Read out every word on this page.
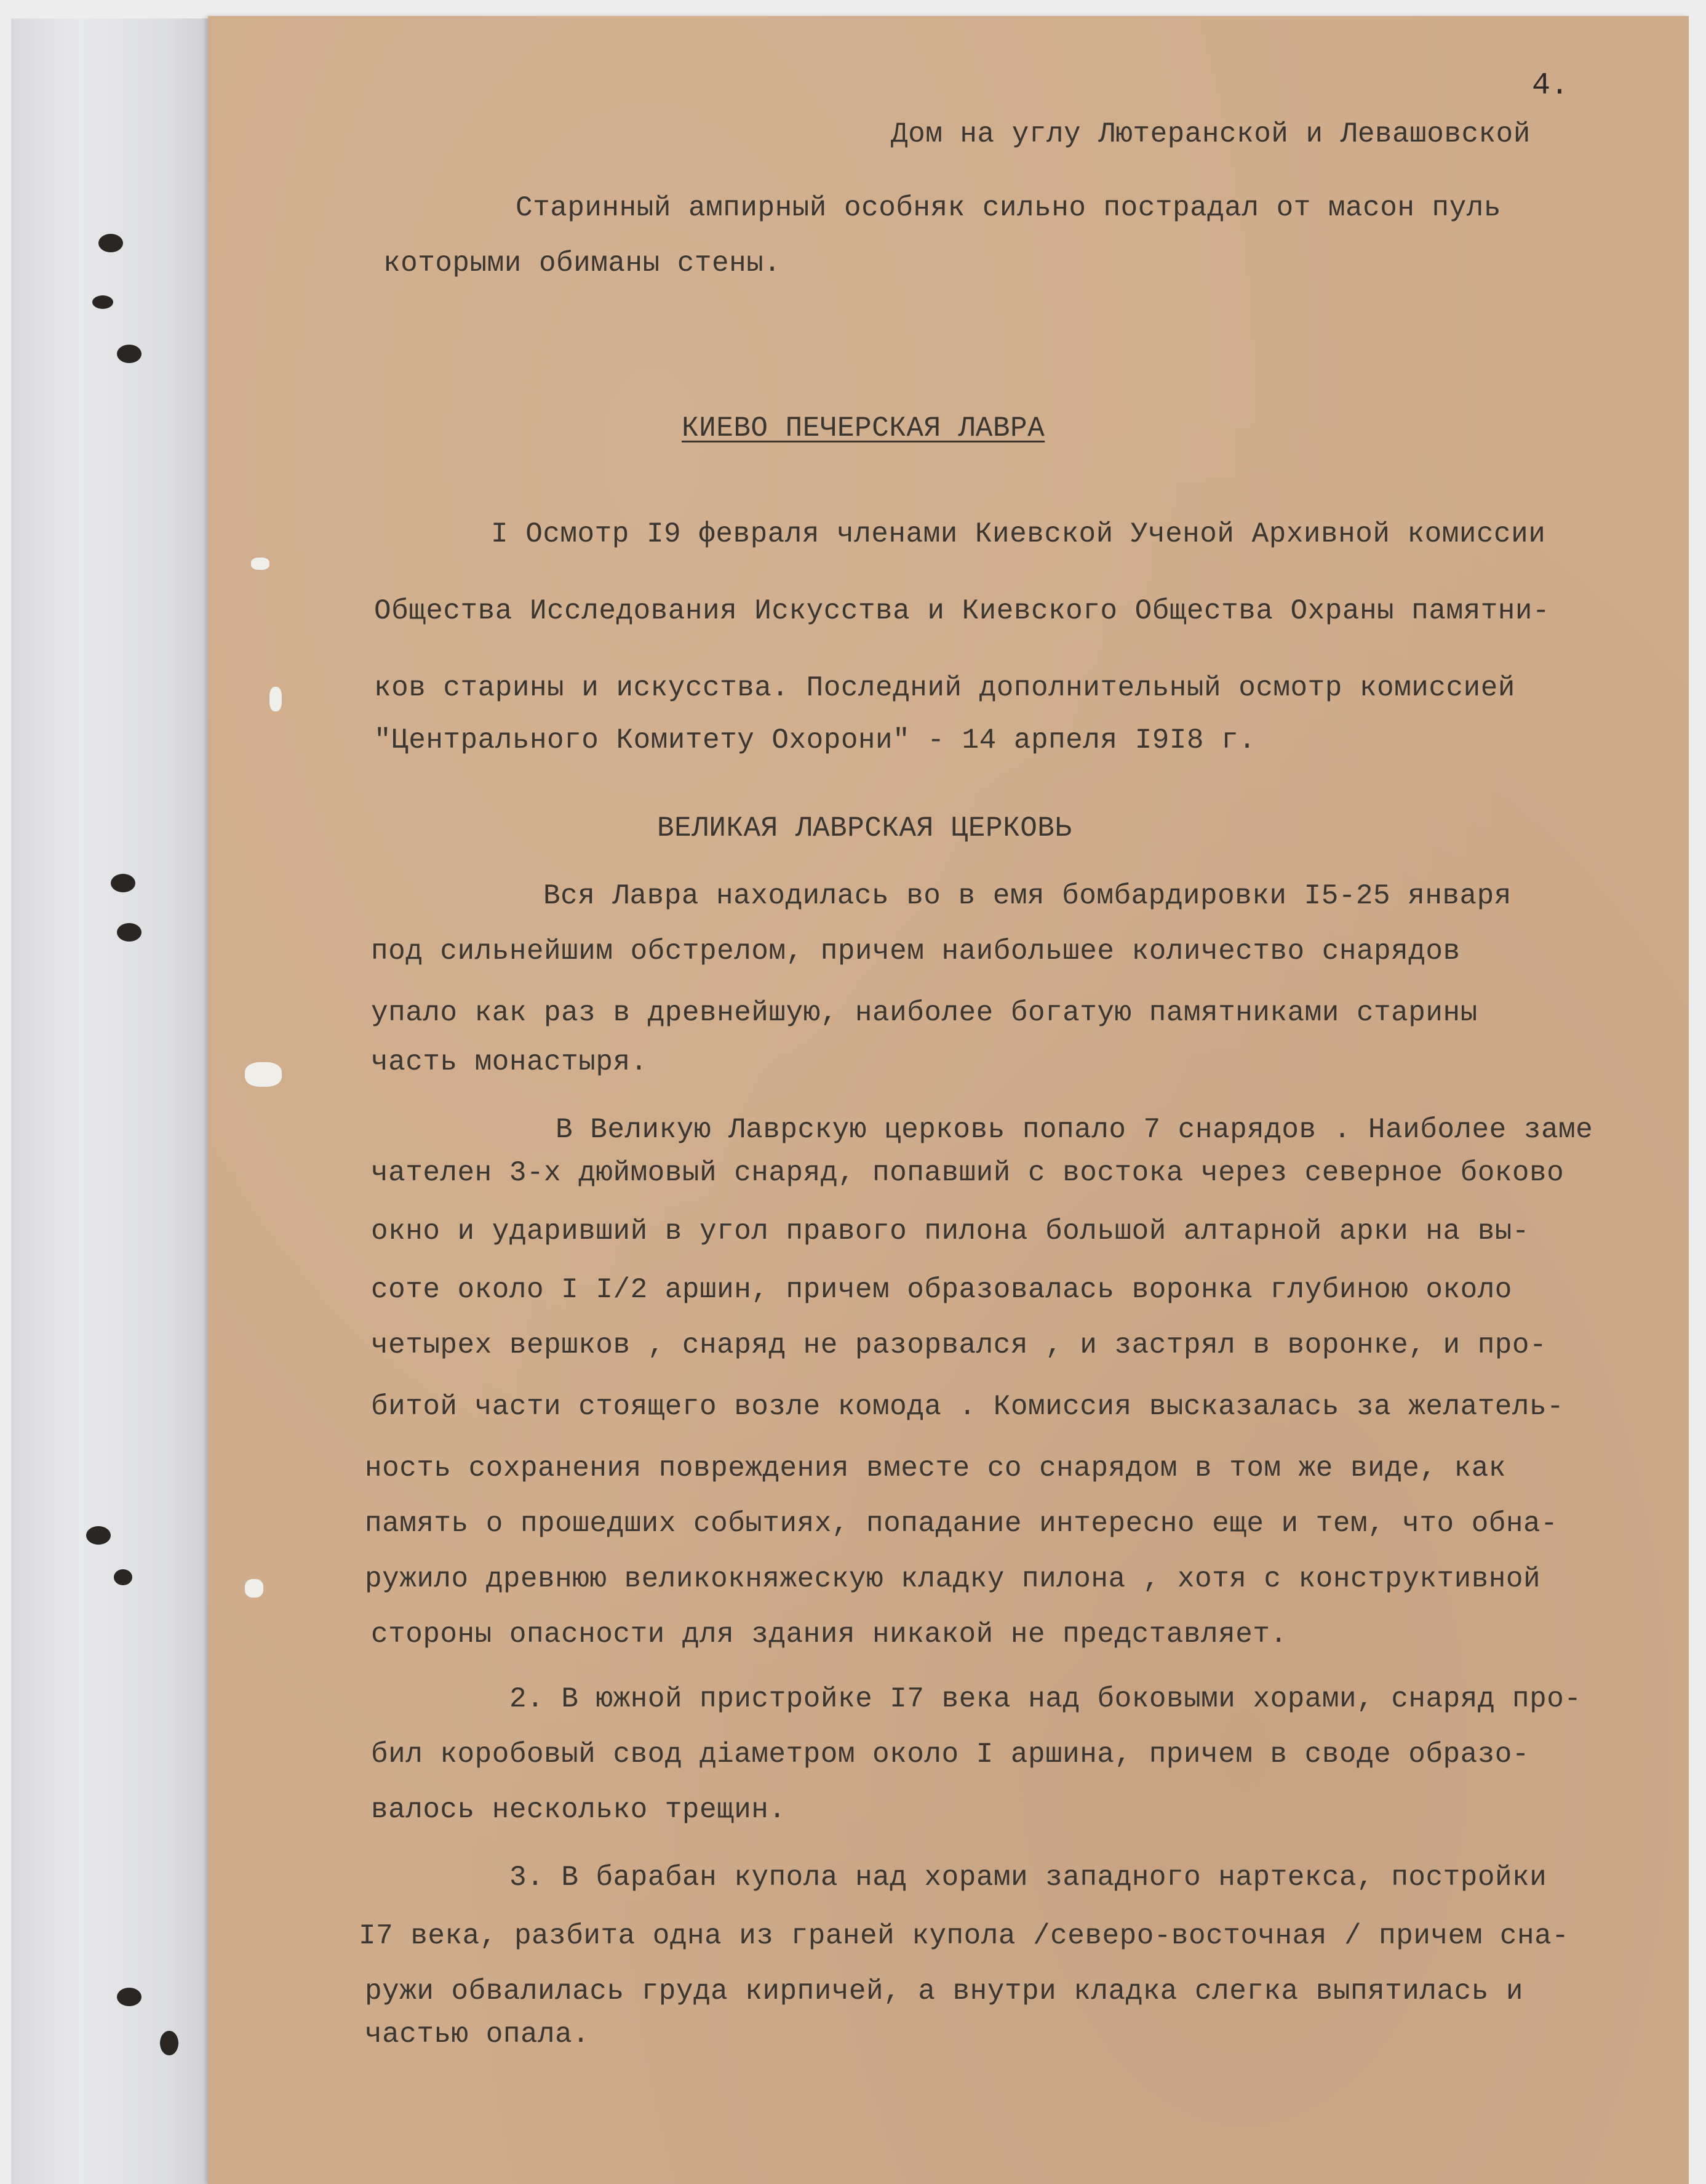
4.
Дом на углу Лютеранской и Левашовской
Старинный ампирный особняк сильно пострадал от масон пуль
которыми обиманы стены.
КИЕВО ПЕЧЕРСКАЯ ЛАВРА
I Осмотр I9 февраля членами Киевской Ученой Архивной комиссии
Общества Исследования Искусства и Киевского Общества Охраны памятни-
ков старины и искусства. Последний дополнительный осмотр комиссией
"Центрального Комитету Охорони" - 14 арпеля I9I8 г.
ВЕЛИКАЯ ЛАВРСКАЯ ЦЕРКОВЬ
Вся Лавра находилась во в емя бомбардировки I5-25 января
под сильнейшим обстрелом, причем наибольшее количество снарядов
упало как раз в древнейшую, наиболее богатую памятниками старины
часть монастыря.
В Великую Лаврскую церковь попало 7 снарядов . Наиболее заме
чателен 3-х дюймовый снаряд, попавший с востока через северное боково
окно и ударивший в угол правого пилона большой алтарной арки на вы-
соте около I I/2 аршин, причем образовалась воронка глубиною около
четырех вершков , снаряд не разорвался , и застрял в воронке, и про-
битой части стоящего возле комода . Комиссия высказалась за желатель-
ность сохранения повреждения вместе со снарядом в том же виде, как
память о прошедших событиях, попадание интересно еще и тем, что обна-
ружило древнюю великокняжескую кладку пилона , хотя с конструктивной
стороны опасности для здания никакой не представляет.
2. В южной пристройке I7 века над боковыми хорами, снаряд про-
бил коробовый свод діаметром около I аршина, причем в своде образо-
валось несколько трещин.
3. В барабан купола над хорами западного нартекса, постройки
I7 века, разбита одна из граней купола /северо-восточная / причем сна-
ружи обвалилась груда кирпичей, а внутри кладка слегка выпятилась и
частью опала.
